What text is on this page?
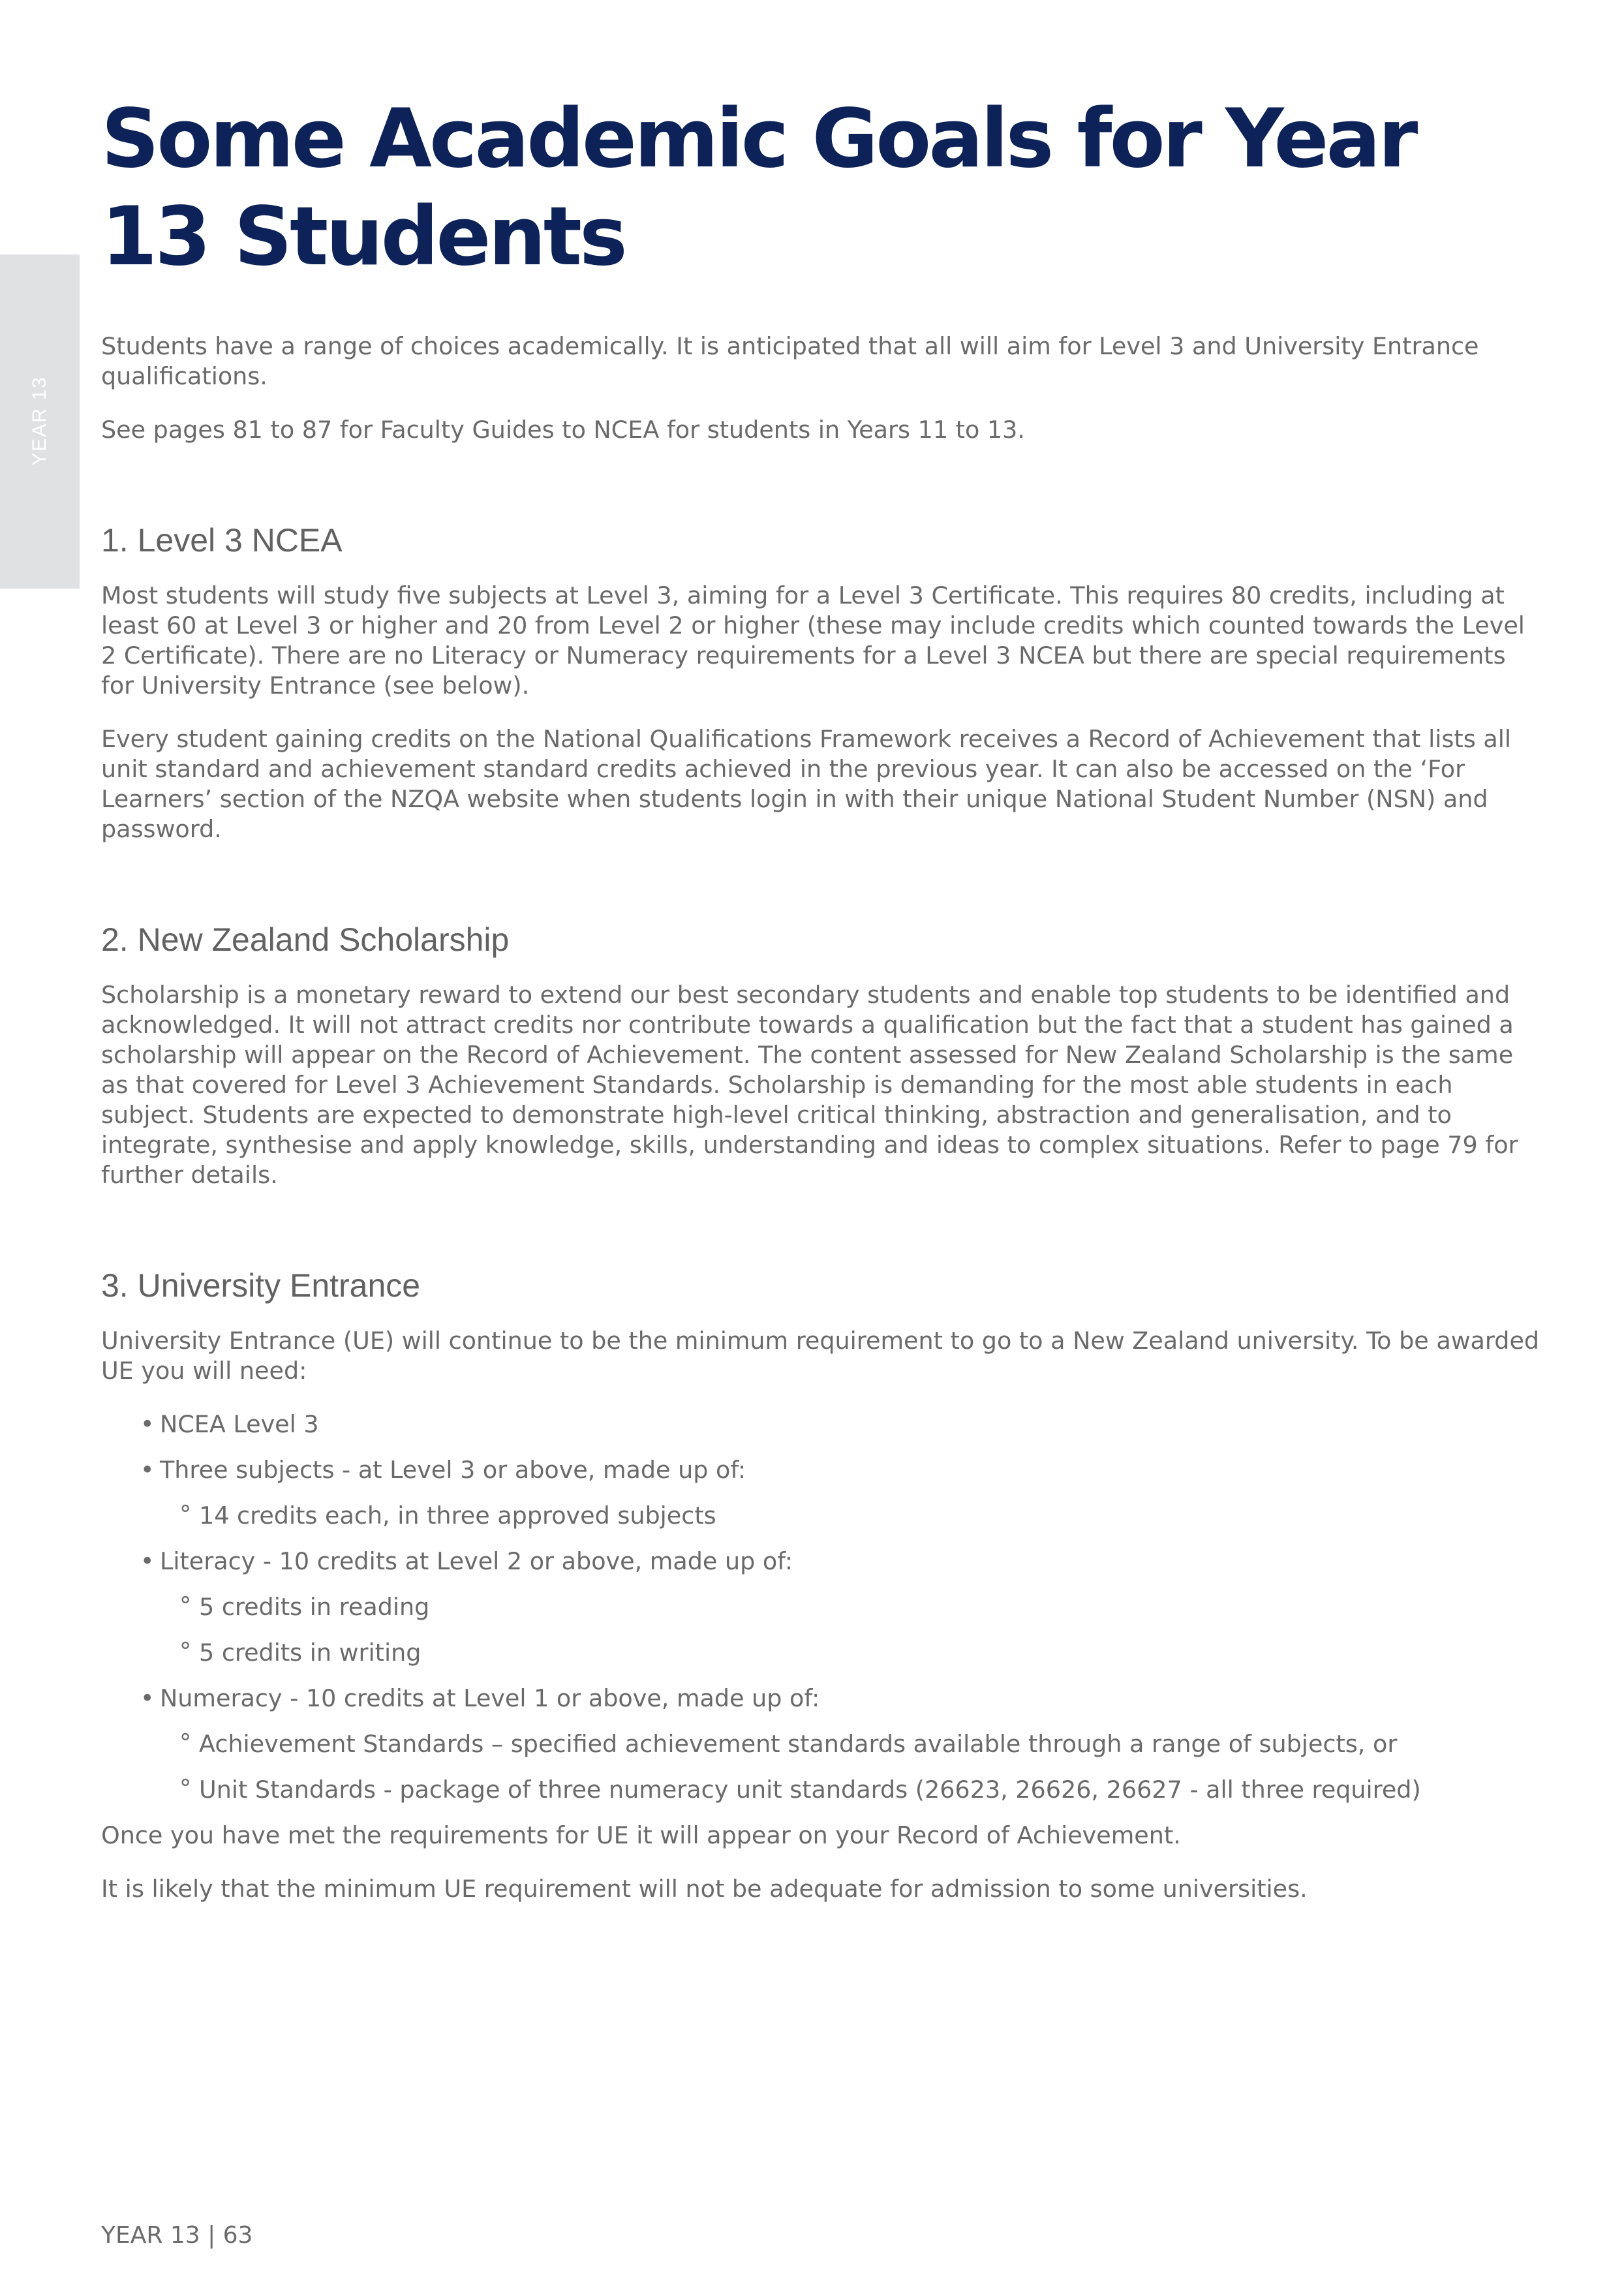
YEAR 13
Some Academic Goals for Year 13 Students

Students have a range of choices academically. It is anticipated that all will aim for Level 3 and University Entrance qualifications.

See pages 81 to 87 for Faculty Guides to NCEA for students in Years 11 to 13.

1. Level 3 NCEA

Most students will study five subjects at Level 3, aiming for a Level 3 Certificate. This requires 80 credits, including at least 60 at Level 3 or higher and 20 from Level 2 or higher (these may include credits which counted towards the Level 2 Certificate). There are no Literacy or Numeracy requirements for a Level 3 NCEA but there are special requirements for University Entrance (see below).

Every student gaining credits on the National Qualifications Framework receives a Record of Achievement that lists all unit standard and achievement standard credits achieved in the previous year. It can also be accessed on the ‘For Learners’ section of the NZQA website when students login in with their unique National Student Number (NSN) and password.

2. New Zealand Scholarship

Scholarship is a monetary reward to extend our best secondary students and enable top students to be identified and acknowledged. It will not attract credits nor contribute towards a qualification but the fact that a student has gained a scholarship will appear on the Record of Achievement. The content assessed for New Zealand Scholarship is the same as that covered for Level 3 Achievement Standards. Scholarship is demanding for the most able students in each subject. Students are expected to demonstrate high-level critical thinking, abstraction and generalisation, and to integrate, synthesise and apply knowledge, skills, understanding and ideas to complex situations. Refer to page 79 for further details.

3. University Entrance

University Entrance (UE) will continue to be the minimum requirement to go to a New Zealand university. To be awarded UE you will need:

• NCEA Level 3
• Three subjects - at Level 3 or above, made up of:
° 14 credits each, in three approved subjects
• Literacy - 10 credits at Level 2 or above, made up of:
° 5 credits in reading
° 5 credits in writing
• Numeracy - 10 credits at Level 1 or above, made up of:
° Achievement Standards – specified achievement standards available through a range of subjects, or
° Unit Standards - package of three numeracy unit standards (26623, 26626, 26627 - all three required)

Once you have met the requirements for UE it will appear on your Record of Achievement.

It is likely that the minimum UE requirement will not be adequate for admission to some universities.

YEAR 13 | 63
